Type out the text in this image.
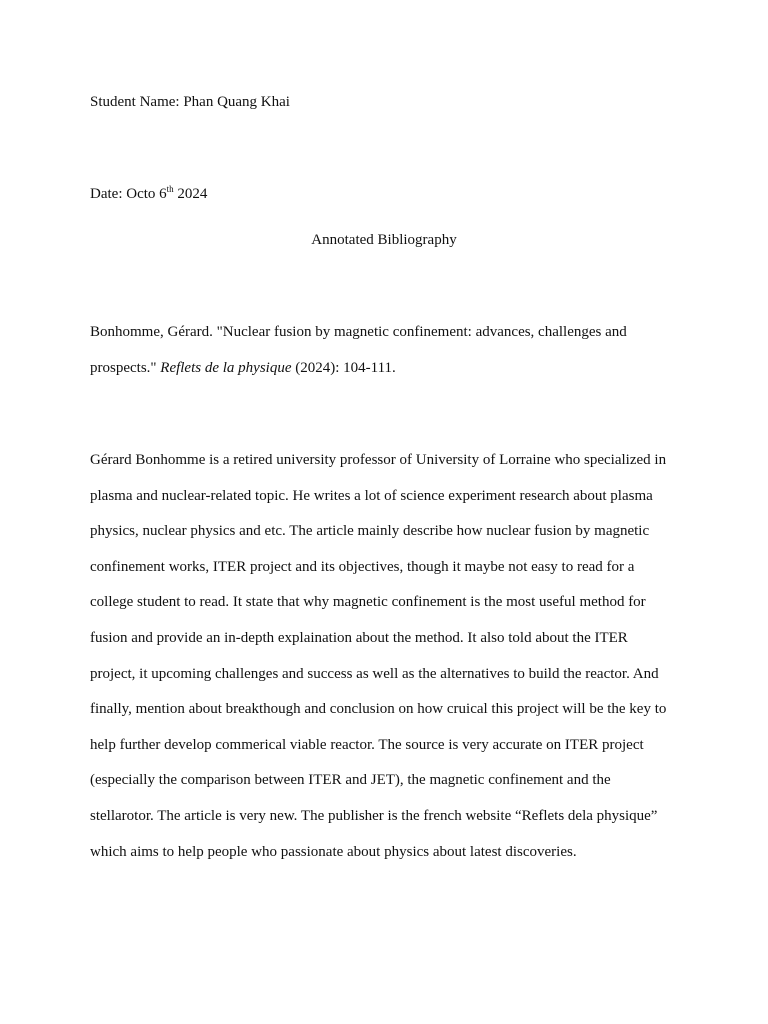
Student Name: Phan Quang Khai
Date: Octo 6th 2024
Annotated Bibliography
Bonhomme, Gérard. "Nuclear fusion by magnetic confinement: advances, challenges and
prospects." Reflets de la physique (2024): 104-111.
Gérard Bonhomme is a retired university professor of University of Lorraine who specialized in
plasma and nuclear-related topic. He writes a lot of science experiment research about plasma
physics, nuclear physics and etc. The article mainly describe how nuclear fusion by magnetic
confinement works, ITER project and its objectives, though it maybe not easy to read for a
college student to read. It state that why magnetic confinement is the most useful method for
fusion and provide an in-depth explaination about the method. It also told about the ITER
project, it upcoming challenges and success as well as the alternatives to build the reactor. And
finally, mention about breakthough and conclusion on how cruical this project will be the key to
help further develop commerical viable reactor. The source is very accurate on ITER project
(especially the comparison between ITER and JET), the magnetic confinement and the
stellarotor. The article is very new. The publisher is the french website “Reflets dela physique”
which aims to help people who passionate about physics about latest discoveries.
